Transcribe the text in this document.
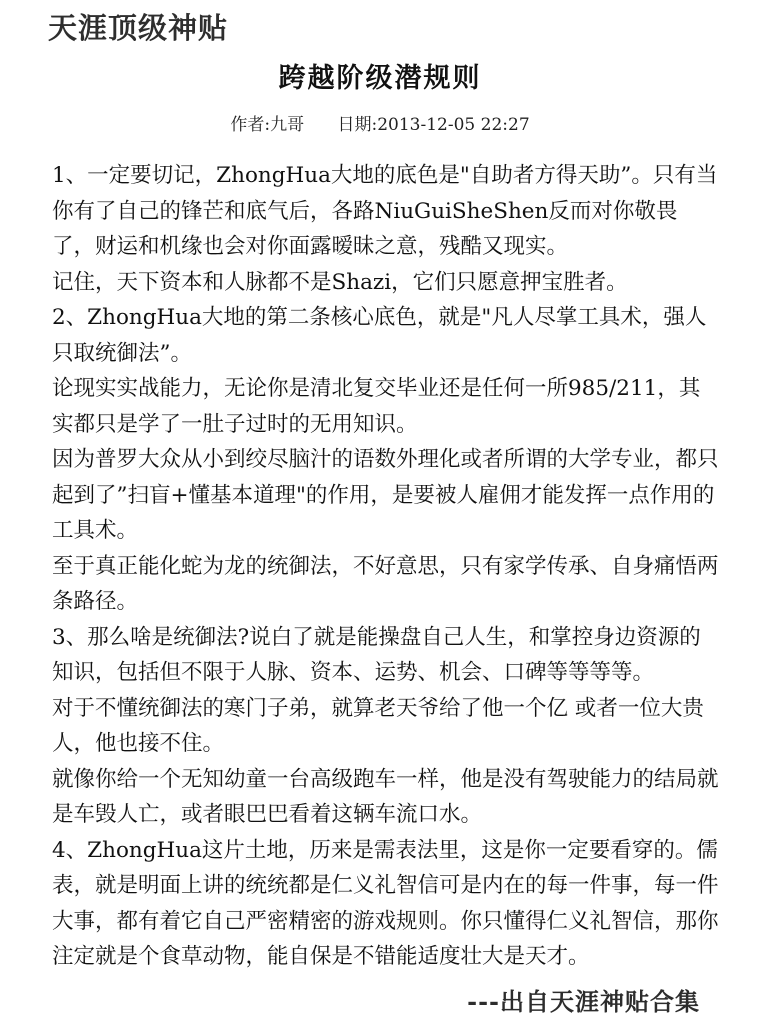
天涯顶级神贴
跨越阶级潜规则
作者:九哥 日期:2013-12-05 22:27

1、一定要切记，ZhongHua大地的底色是"自助者方得天助”。只有当你有了自己的锋芒和底气后，各路NiuGuiSheShen反而对你敬畏了，财运和机缘也会对你面露暧昧之意，残酷又现实。

记住，天下资本和人脉都不是Shazi，它们只愿意押宝胜者。

2、ZhongHua大地的第二条核心底色，就是"凡人尽掌工具术，强人只取统御法”。

论现实实战能力，无论你是清北复交毕业还是任何一所985/211，其实都只是学了一肚子过时的无用知识。

因为普罗大众从小到绞尽脑汁的语数外理化或者所谓的大学专业，都只起到了”扫盲+懂基本道理"的作用，是要被人雇佣才能发挥一点作用的工具术。

至于真正能化蛇为龙的统御法，不好意思，只有家学传承、自身痛悟两条路径。

3、那么啥是统御法?说白了就是能操盘自己人生，和掌控身边资源的知识，包括但不限于人脉、资本、运势、机会、口碑等等等等。

对于不懂统御法的寒门子弟，就算老天爷给了他一个亿 或者一位大贵人，他也接不住。

就像你给一个无知幼童一台高级跑车一样，他是没有驾驶能力的结局就是车毁人亡，或者眼巴巴看着这辆车流口水。

4、ZhongHua这片土地，历来是需表法里，这是你一定要看穿的。儒表，就是明面上讲的统统都是仁义礼智信可是内在的每一件事，每一件大事，都有着它自己严密精密的游戏规则。你只懂得仁义礼智信，那你注定就是个食草动物，能自保是不错能适度壮大是天才。

---出自天涯神贴合集
